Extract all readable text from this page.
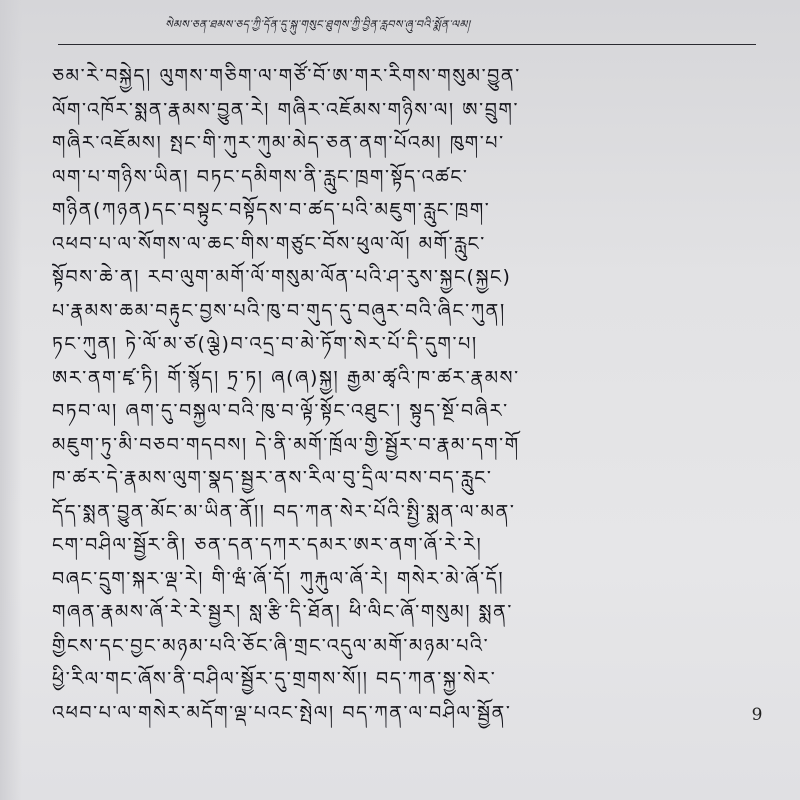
སེམས་ཅན་ཐམས་ཅད་ཀྱི་དོན་དུ་སྐུ་གསུང་ཐུགས་ཀྱི་བྱིན་རླབས་ཞུ་བའི་སྨོན་ལམ།
ཅམ་རེ་བསྐྱེད། ལུགས་གཅིག་ལ་གཙོ་བོ་ཨ་གར་རིགས་གསུམ་བྱུན་
ལོག་འཁོར་སྨན་རྣམས་བྱུན་རེ། གཞིར་འཇོམས་གཉིས་ལ། ཨ་བྲུག་
གཞིར་འཇོམས། སྤང་གི་ཀུར་ཀུམ་མེད་ཅན་ནག་པོའམ། ཁུག་པ་
ལག་པ་གཉིས་ཡིན། བཏང་དམིགས་ནི་རླུང་ཁྲག་སྟོད་འཚང་
གཉིན(ཀཉན)དང་བསྟུང་བསྟོདས་བ་ཚད་པའི་མཇུག་རླུང་ཁྲག་
འཕབ་པ་ལ་སོགས་ལ་ཆང་གིས་གཙུང་བོས་ཕུལ་ལོ། མགོ་རླུང་
སྟོབས་ཆེ་ན། རབ་ལུག་མགོ་ལོ་གསུམ་ལོན་པའི་ཤ་རུས་སྐྱང(སྐྱང)
པ་རྣམས་ཆམ་བརྟུང་བྱས་པའི་ཁུ་བ་གུད་དུ་བཞུར་བའི་ཞིང་ཀུན།
ཏང་ཀུན། ཏེ་ལོ་མ་ཙ(ལྕེ)བ་འདྲ་བ་མེ་ཏོག་སེར་པོ་དི་དུག་པ།
ཨར་ནག་ཛྭ་ཏི། གོ་སྙོད། ཏྲ་ཏ། ཞ(ཞ)སྐྱ། རྒྱམ་ཚྭའི་ཁ་ཚར་རྣམས་
བཏབ་ལ། ཞག་དུ་བསྐྱལ་བའི་ཁུ་བ་ལྟོ་སྟོང་འཐུང་། སྟུད་སྔོ་བཞིར་
མཇུག་ཏུ་མི་བཅབ་གདབས། དེ་ནི་མགོ་ཁྲོལ་གྱི་སྦྱོར་བ་རྣམ་དག་གོ
ཁ་ཚར་དེ་རྣམས་ལུག་སྣད་སྦྱར་ནས་རིལ་བུ་དྲིལ་བས་བད་རླུང་
དོད་སྨན་བྱུན་མོང་མ་ཡིན་ནོ།། བད་ཀན་སེར་པོའི་སྤྱི་སྨན་ལ་མན་
ངག་བཤིལ་སྦྱོར་ནི། ཅན་དན་དཀར་དམར་ཨར་ནག་ཞོ་རེ་རེ།
བཞང་དྲུག་སྐར་ལྡ་རེ། གི་ཝཾ་ཞོ་དོ། ཀུརྐུལ་ཞོ་རེ། གསེར་མེ་ཞོ་དོ།
གཞན་རྣམས་ཞོ་རེ་རེ་སྦྱར། སླ་རྩི་དི་ཐོན། ཕི་ལིང་ཞོ་གསུམ། སྨན་
གྱིངས་དང་བྱང་མཉམ་པའི་ཅོང་ཞི་གྲང་འདུལ་མགོ་མཉམ་པའི་
ཕྱི་རིལ་གང་ཞོས་ནི་བཤིལ་སྦྱོར་དུ་གྲགས་སོ།། བད་ཀན་སྐྱ་སེར་
འཕབ་པ་ལ་གསེར་མདོག་ལྡ་པའང་སྤེལ། བད་ཀན་ལ་བཤིལ་སྦྱོན་	9
